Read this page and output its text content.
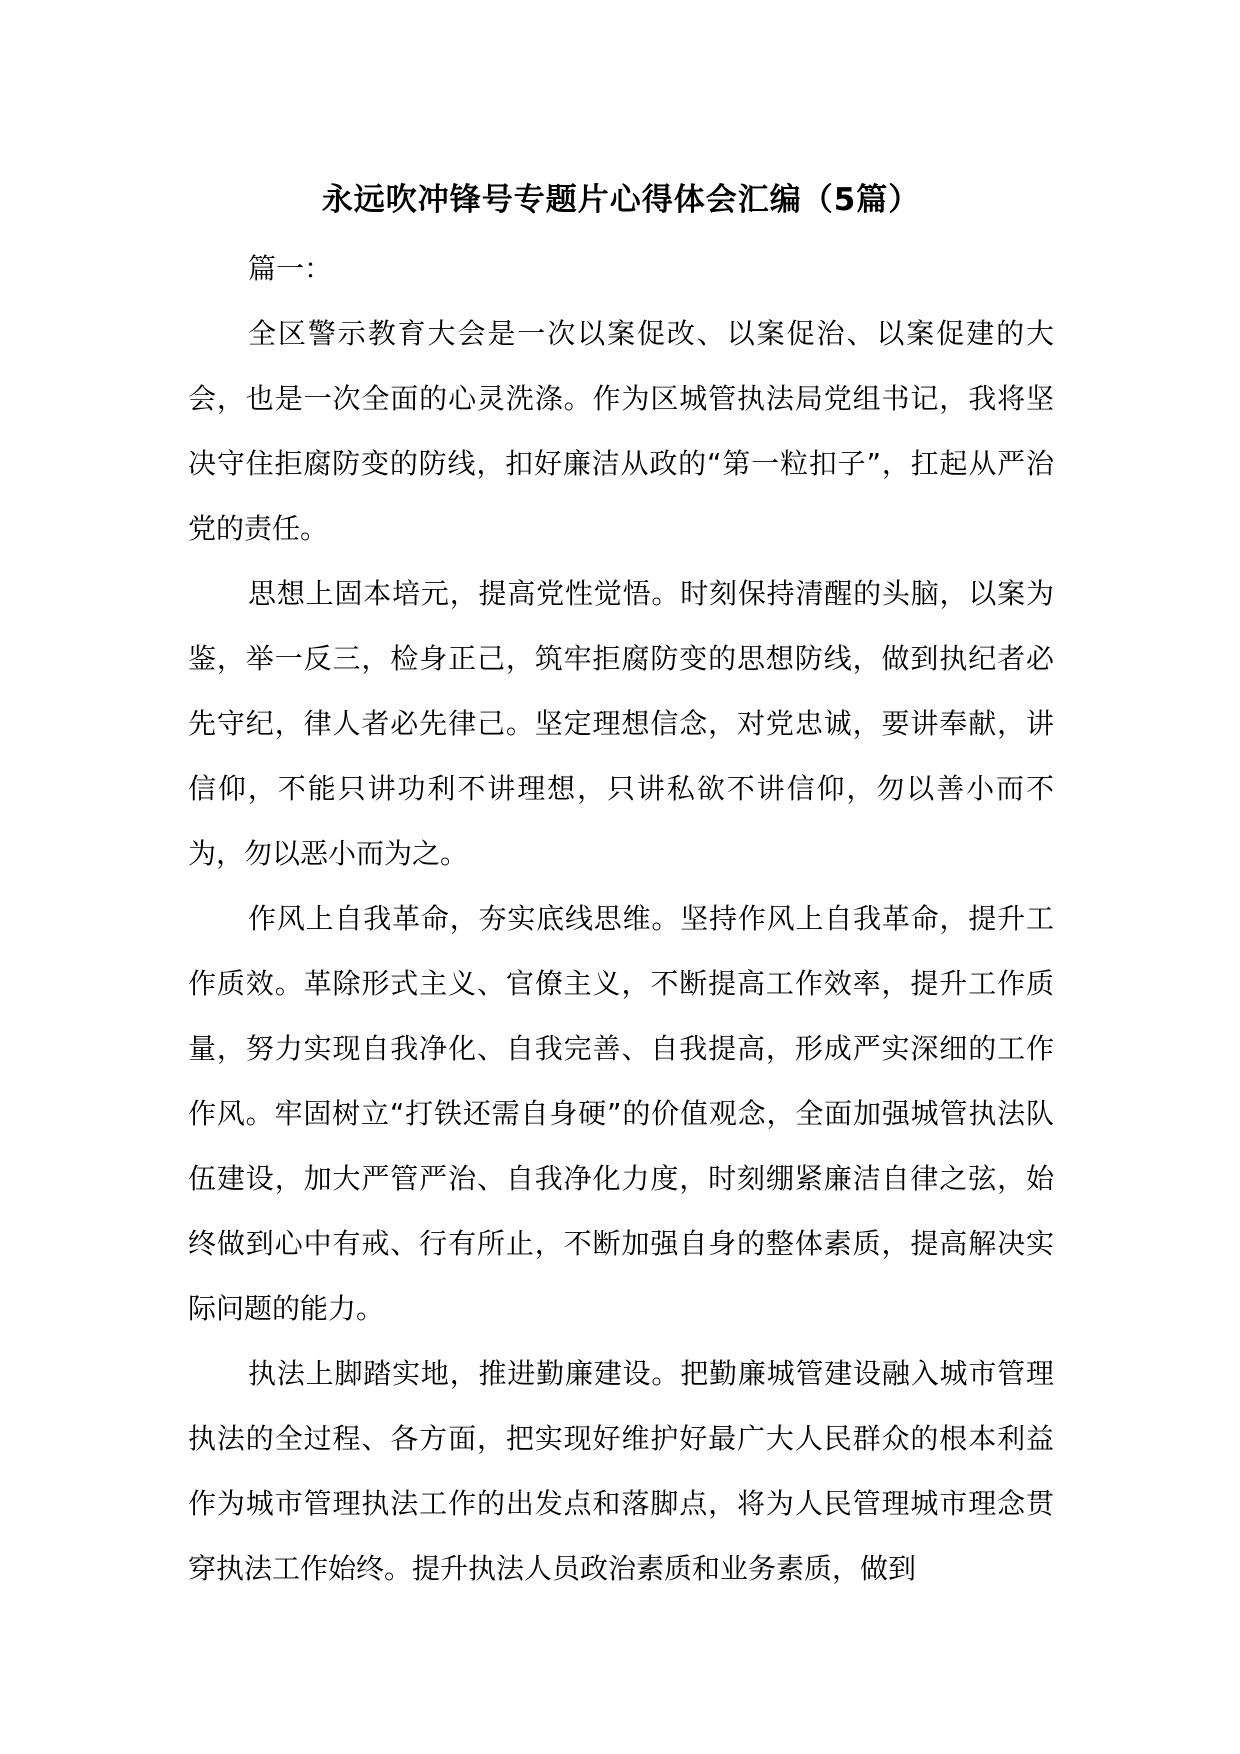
永远吹冲锋号专题片心得体会汇编（5篇）

篇一：

全区警示教育大会是一次以案促改、以案促治、以案促建的大会，也是一次全面的心灵洗涤。作为区城管执法局党组书记，我将坚决守住拒腐防变的防线，扣好廉洁从政的“第一粒扣子”，扛起从严治党的责任。

思想上固本培元，提高党性觉悟。时刻保持清醒的头脑，以案为鉴，举一反三，检身正己，筑牢拒腐防变的思想防线，做到执纪者必先守纪，律人者必先律己。坚定理想信念，对党忠诚，要讲奉献，讲信仰，不能只讲功利不讲理想，只讲私欲不讲信仰，勿以善小而不为，勿以恶小而为之。

作风上自我革命，夯实底线思维。坚持作风上自我革命，提升工作质效。革除形式主义、官僚主义，不断提高工作效率，提升工作质量，努力实现自我净化、自我完善、自我提高，形成严实深细的工作作风。牢固树立“打铁还需自身硬”的价值观念，全面加强城管执法队伍建设，加大严管严治、自我净化力度，时刻绷紧廉洁自律之弦，始终做到心中有戒、行有所止，不断加强自身的整体素质，提高解决实际问题的能力。

执法上脚踏实地，推进勤廉建设。把勤廉城管建设融入城市管理执法的全过程、各方面，把实现好维护好最广大人民群众的根本利益作为城市管理执法工作的出发点和落脚点，将为人民管理城市理念贯穿执法工作始终。提升执法人员政治素质和业务素质，做到
